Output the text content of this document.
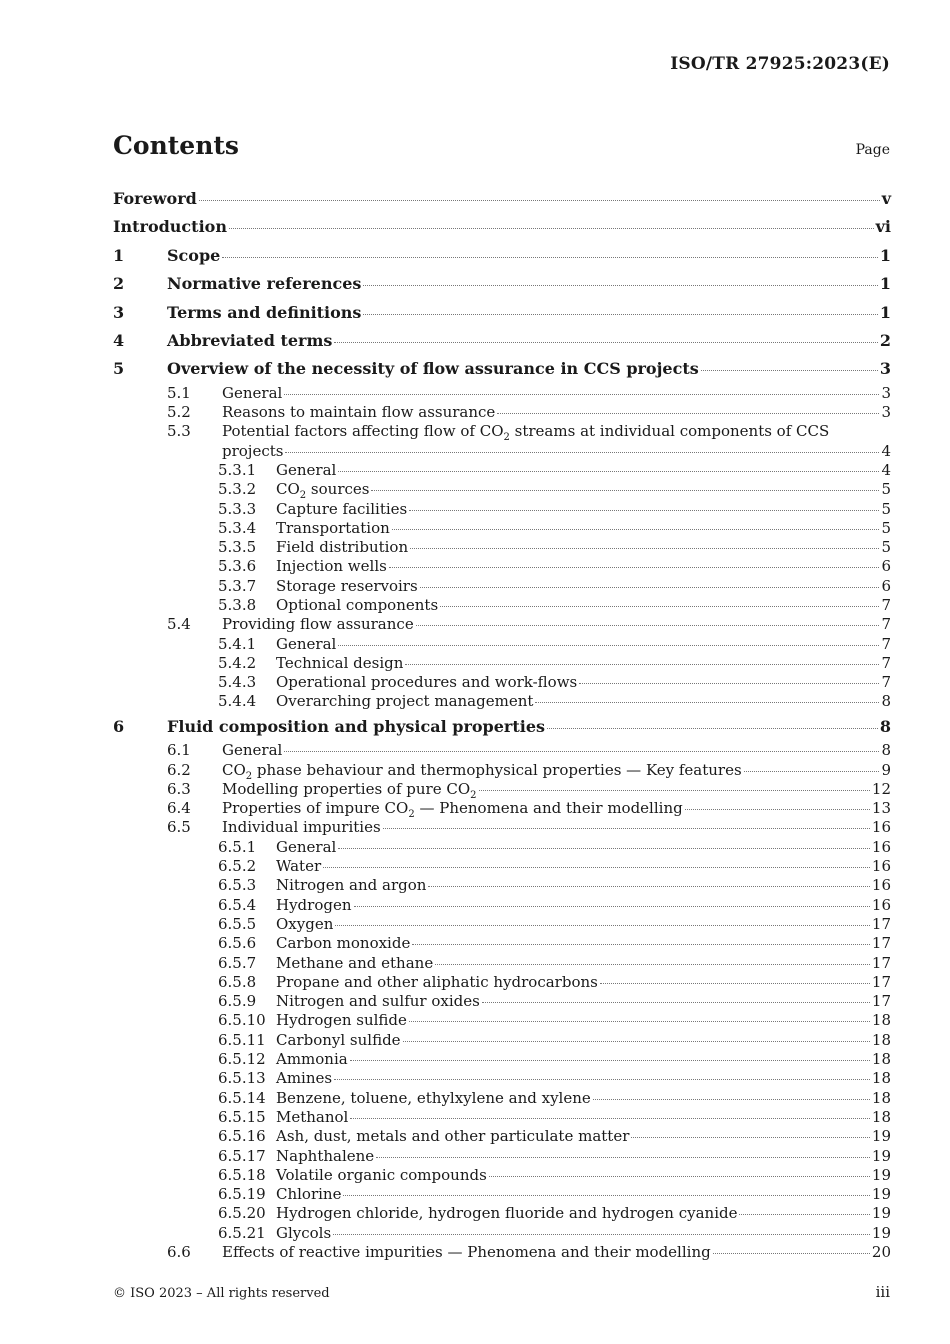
ISO/TR 27925:2023(E)
Contents	Page
Foreword	v
Introduction	vi
1	Scope	1
2	Normative references	1
3	Terms and definitions	1
4	Abbreviated terms	2
5	Overview of the necessity of flow assurance in CCS projects	3
5.1	General	3
5.2	Reasons to maintain flow assurance	3
5.3	Potential factors affecting flow of $CO_2$ streams at individual components of CCS
projects	4
5.3.1	General	4
5.3.2	$CO_2$ sources	5
5.3.3	Capture facilities	5
5.3.4	Transportation	5
5.3.5	Field distribution	5
5.3.6	Injection wells	6
5.3.7	Storage reservoirs	6
5.3.8	Optional components	7
5.4	Providing flow assurance	7
5.4.1	General	7
5.4.2	Technical design	7
5.4.3	Operational procedures and work-flows	7
5.4.4	Overarching project management	8
6	Fluid composition and physical properties	8
6.1	General	8
6.2	$CO_2$ phase behaviour and thermophysical properties — Key features	9
6.3	Modelling properties of pure $CO_2$	12
6.4	Properties of impure $CO_2$ — Phenomena and their modelling	13
6.5	Individual impurities	16
6.5.1	General	16
6.5.2	Water	16
6.5.3	Nitrogen and argon	16
6.5.4	Hydrogen	16
6.5.5	Oxygen	17
6.5.6	Carbon monoxide	17
6.5.7	Methane and ethane	17
6.5.8	Propane and other aliphatic hydrocarbons	17
6.5.9	Nitrogen and sulfur oxides	17
6.5.10 Hydrogen sulfide	18
6.5.11 Carbonyl sulfide	18
6.5.12 Ammonia	18
6.5.13 Amines	18
6.5.14 Benzene, toluene, ethylxylene and xylene	18
6.5.15 Methanol	18
6.5.16 Ash, dust, metals and other particulate matter	19
6.5.17 Naphthalene	19
6.5.18 Volatile organic compounds	19
6.5.19 Chlorine	19
6.5.20 Hydrogen chloride, hydrogen fluoride and hydrogen cyanide	19
6.5.21 Glycols	19
6.6	Effects of reactive impurities — Phenomena and their modelling	20
© ISO 2023 – All rights reserved	iii
